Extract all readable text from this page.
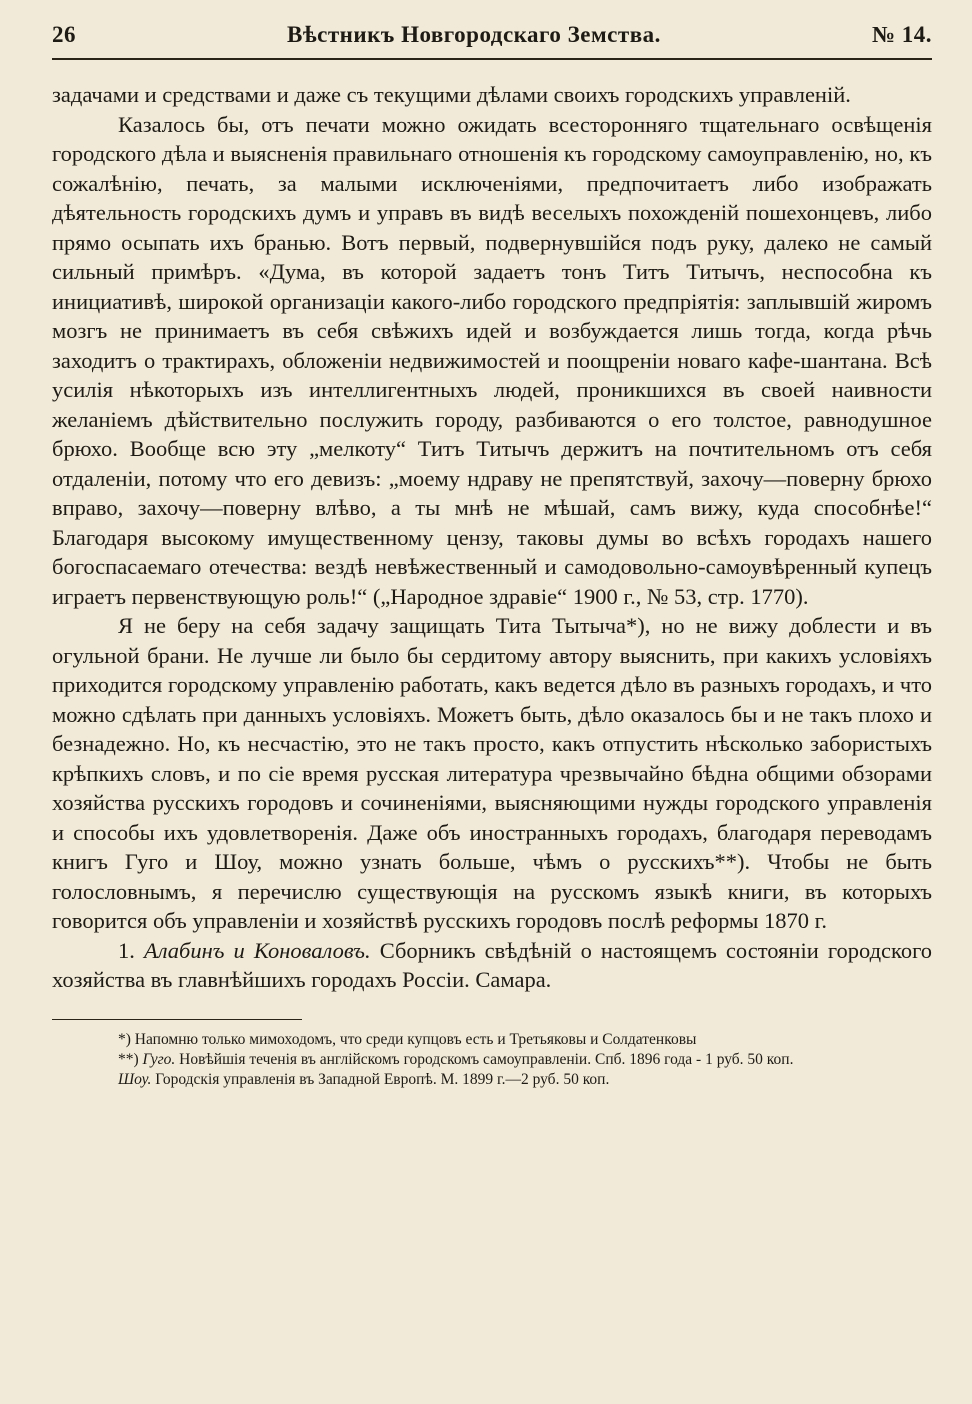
26	Вѣстникъ Новгородскаго Земства.	№ 14.

задачами и средствами и даже съ текущими дѣлами своихъ городскихъ управленій.

Казалось бы, отъ печати можно ожидать всесторонняго тщательнаго освѣщенія городского дѣла и выясненія правильнаго отношенія къ городскому самоуправленію, но, къ сожалѣнію, печать, за малыми исключеніями, предпочитаетъ либо изображать дѣятельность городскихъ думъ и управъ въ видѣ веселыхъ похожденій пошехонцевъ, либо прямо осыпать ихъ бранью. Вотъ первый, подвернувшійся подъ руку, далеко не самый сильный примѣръ. «Дума, въ которой задаетъ тонъ Титъ Титычъ, неспособна къ инициативѣ, широкой организаціи какого-либо городского предпріятія: заплывшій жиромъ мозгъ не принимаетъ въ себя свѣжихъ идей и возбуждается лишь тогда, когда рѣчь заходитъ о трактирахъ, обложеніи недвижимостей и поощреніи новаго кафе-шантана. Всѣ усилія нѣкоторыхъ изъ интеллигентныхъ людей, проникшихся въ своей наивности желаніемъ дѣйствительно послужить городу, разбиваются о его толстое, равнодушное брюхо. Вообще всю эту „мелкоту“ Титъ Титычъ держитъ на почтительномъ отъ себя отдаленіи, потому что его девизъ: „моему ндраву не препятствуй, захочу—поверну брюхо вправо, захочу—поверну влѣво, а ты мнѣ не мѣшай, самъ вижу, куда способнѣе!“ Благодаря высокому имущественному цензу, таковы думы во всѣхъ городахъ нашего богоспасаемаго отечества: вездѣ невѣжественный и самодовольно-самоувѣренный купецъ играетъ первенствующую роль!“ („Народное здравіе“ 1900 г., № 53, стр. 1770).

Я не беру на себя задачу защищать Тита Тытыча*), но не вижу доблести и въ огульной брани. Не лучше ли было бы сердитому автору выяснить, при какихъ условіяхъ приходится городскому управленію работать, какъ ведется дѣло въ разныхъ городахъ, и что можно сдѣлать при данныхъ условіяхъ. Можетъ быть, дѣло оказалось бы и не такъ плохо и безнадежно. Но, къ несчастію, это не такъ просто, какъ отпустить нѣсколько забористыхъ крѣпкихъ словъ, и по сіе время русская литература чрезвычайно бѣдна общими обзорами хозяйства русскихъ городовъ и сочиненіями, выясняющими нужды городского управленія и способы ихъ удовлетворенія. Даже объ иностранныхъ городахъ, благодаря переводамъ книгъ Гуго и Шоу, можно узнать больше, чѣмъ о русскихъ**). Чтобы не быть голословнымъ, я перечислю существующія на русскомъ языкѣ книги, въ которыхъ говорится объ управленіи и хозяйствѣ русскихъ городовъ послѣ реформы 1870 г.

1. Алабинъ и Коноваловъ. Сборникъ свѣдѣній о настоящемъ состояніи городского хозяйства въ главнѣйшихъ городахъ Россіи. Самара.

*) Напомню только мимоходомъ, что среди купцовъ есть и Третьяковы и Солдатенковы

**) Гуго. Новѣйшія теченія въ англійскомъ городскомъ самоуправленіи. Спб. 1896 года - 1 руб. 50 коп.

Шоу. Городскія управленія въ Западной Европѣ. М. 1899 г.—2 руб. 50 коп.
